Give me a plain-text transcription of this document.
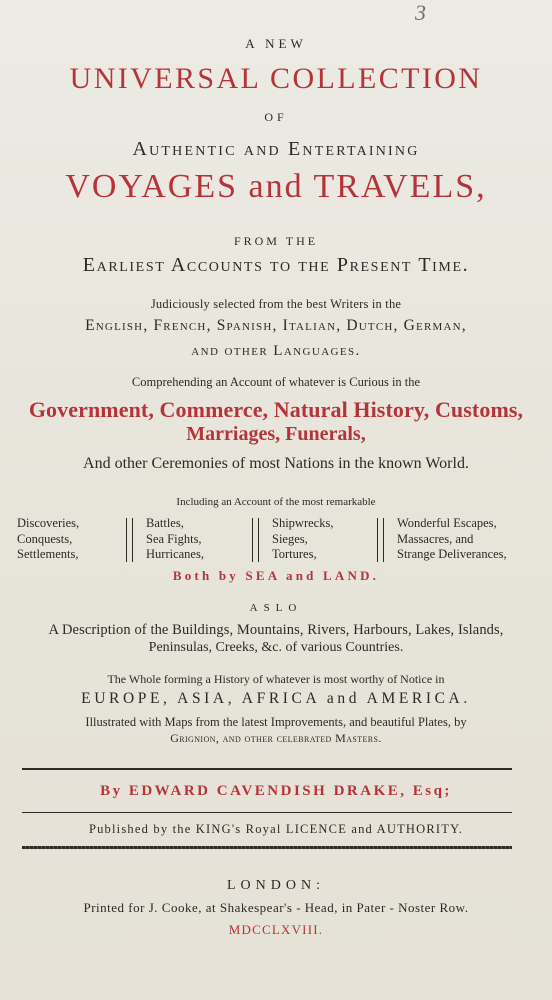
3
A NEW
UNIVERSAL COLLECTION
OF
Authentic and Entertaining
VOYAGES and TRAVELS,
FROM THE
Earliest Accounts to the Present Time.
Judiciously selected from the best Writers in the
English, French, Spanish, Italian, Dutch, German,
and other Languages.
Comprehending an Account of whatever is Curious in the
Government, Commerce, Natural History, Customs,
Marriages, Funerals,
And other Ceremonies of most Nations in the known World.
Including an Account of the most remarkable
Discoveries,
Conquests,
Settlements,
Battles,
Sea Fights,
Hurricanes,
Shipwrecks,
Sieges,
Tortures,
Wonderful Escapes,
Massacres, and
Strange Deliverances,
Both by SEA and LAND.
ASLO
A Description of the Buildings, Mountains, Rivers, Harbours, Lakes, Islands,
Peninsulas, Creeks, &c. of various Countries.
The Whole forming a History of whatever is most worthy of Notice in
EUROPE, ASIA, AFRICA and AMERICA.
Illustrated with Maps from the latest Improvements, and beautiful Plates, by
Grignion, and other celebrated Masters.
By EDWARD CAVENDISH DRAKE, Esq;
Published by the KING's Royal LICENCE and AUTHORITY.
LONDON:
Printed for J. Cooke, at Shakespear's - Head, in Pater - Noster Row.
MDCCLXVIII.
